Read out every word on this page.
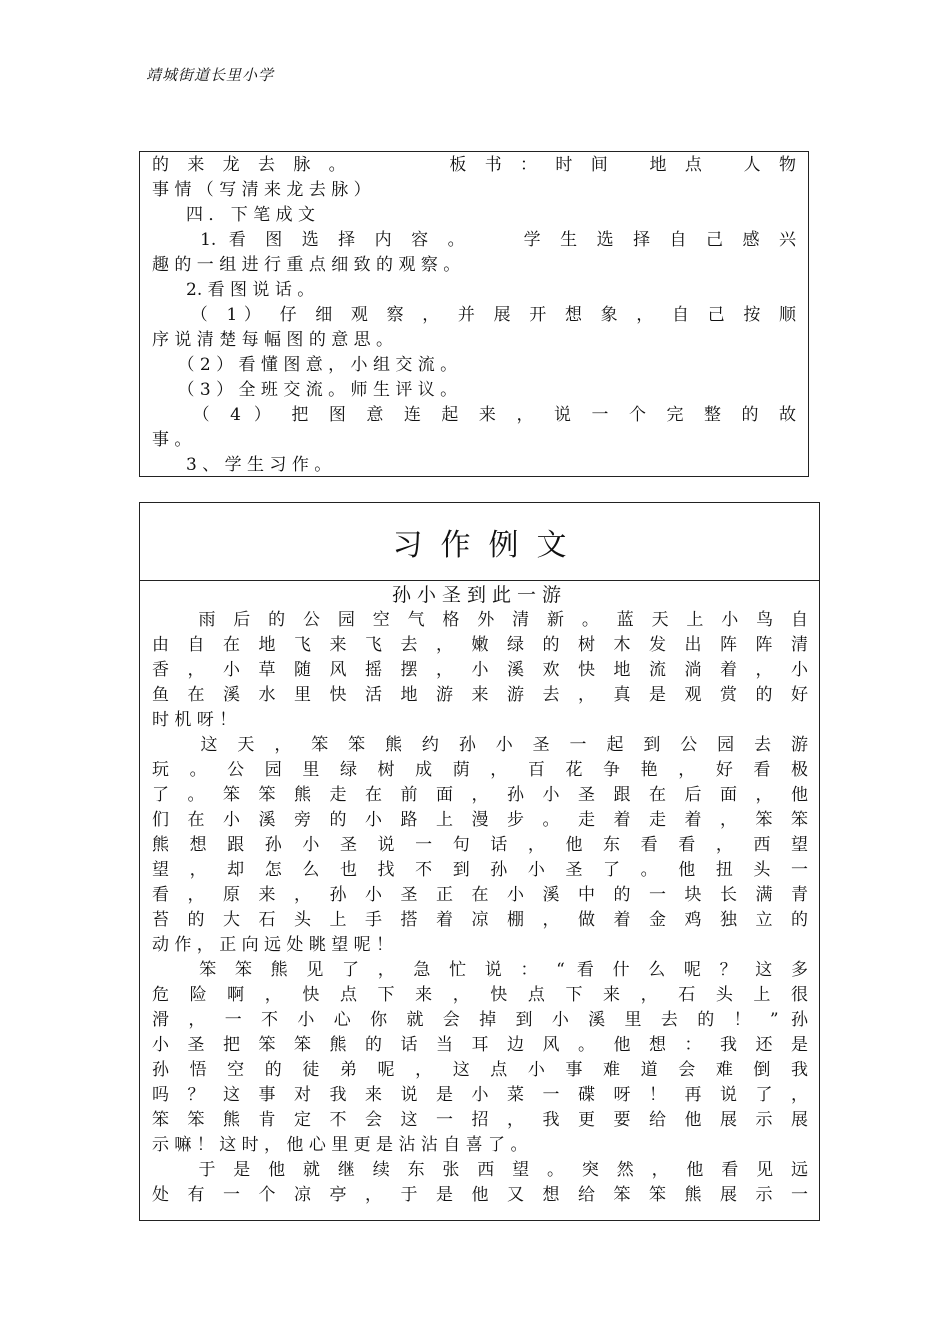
靖城街道长里小学
的 来 龙 去 脉 。　　　　 板 书 ： 时 间 　地 点 　人 物
事 情 （ 写 清 来 龙 去 脉 ）
　　四 ． 下 笔 成 文
　　1. 看 图 选 择 内 容 。　　 学 生 选 择 自 己 感 兴
趣 的 一 组 进 行 重 点 细 致 的 观 察 。
　　2. 看 图 说 话 。
　　（ 1） 仔 细 观 察 ， 并 展 开 想 象 ， 自 己 按 顺
序 说 清 楚 每 幅 图 的 意 思 。
　　（ 2 ） 看 懂 图 意 ， 小 组 交 流 。
　　（ 3 ） 全 班 交 流 。 师 生 评 议 。
　　（ 4 ） 把 图 意 连 起 来 ， 说 一 个 完 整 的 故
事 。
　　3 、 学 生 习 作 。
习作例文
孙小圣到此一游
　　雨 后 的 公 园 空 气 格 外 清 新 。 蓝 天 上 小 鸟 自
由 自 在 地 飞 来 飞 去 ， 嫩 绿 的 树 木 发 出 阵 阵 清
香 ， 小 草 随 风 摇 摆 ， 小 溪 欢 快 地 流 淌 着 ， 小
鱼 在 溪 水 里 快 活 地 游 来 游 去 ， 真 是 观 赏 的 好
时 机 呀 ！
　　这 天 ， 笨 笨 熊 约 孙 小 圣 一 起 到 公 园 去 游
玩 。 公 园 里 绿 树 成 荫 ， 百 花 争 艳 ， 好 看 极
了 。 笨 笨 熊 走 在 前 面 ， 孙 小 圣 跟 在 后 面 ， 他
们 在 小 溪 旁 的 小 路 上 漫 步 。 走 着 走 着 ， 笨 笨
熊 想 跟 孙 小 圣 说 一 句 话 ， 他 东 看 看 ， 西 望
望 ， 却 怎 么 也 找 不 到 孙 小 圣 了 。 他 扭 头 一
看 ， 原 来 ， 孙 小 圣 正 在 小 溪 中 的 一 块 长 满 青
苔 的 大 石 头 上 手 搭 着 凉 棚 ， 做 着 金 鸡 独 立 的
动 作 ， 正 向 远 处 眺 望 呢 ！
　　笨 笨 熊 见 了 ， 急 忙 说 ： “ 看 什 么 呢 ？ 这 多
危 险 啊 ， 快 点 下 来 ， 快 点 下 来 ， 石 头 上 很
滑 ， 一 不 小 心 你 就 会 掉 到 小 溪 里 去 的 ！ ” 孙
小 圣 把 笨 笨 熊 的 话 当 耳 边 风 。 他 想 ： 我 还 是
孙 悟 空 的 徒 弟 呢 ， 这 点 小 事 难 道 会 难 倒 我
吗 ？ 这 事 对 我 来 说 是 小 菜 一 碟 呀 ！ 再 说 了 ，
笨 笨 熊 肯 定 不 会 这 一 招 ， 我 更 要 给 他 展 示 展
示 嘛 ！ 这 时 ， 他 心 里 更 是 沾 沾 自 喜 了 。
　　于 是 他 就 继 续 东 张 西 望 。 突 然 ， 他 看 见 远
处 有 一 个 凉 亭 ， 于 是 他 又 想 给 笨 笨 熊 展 示 一
